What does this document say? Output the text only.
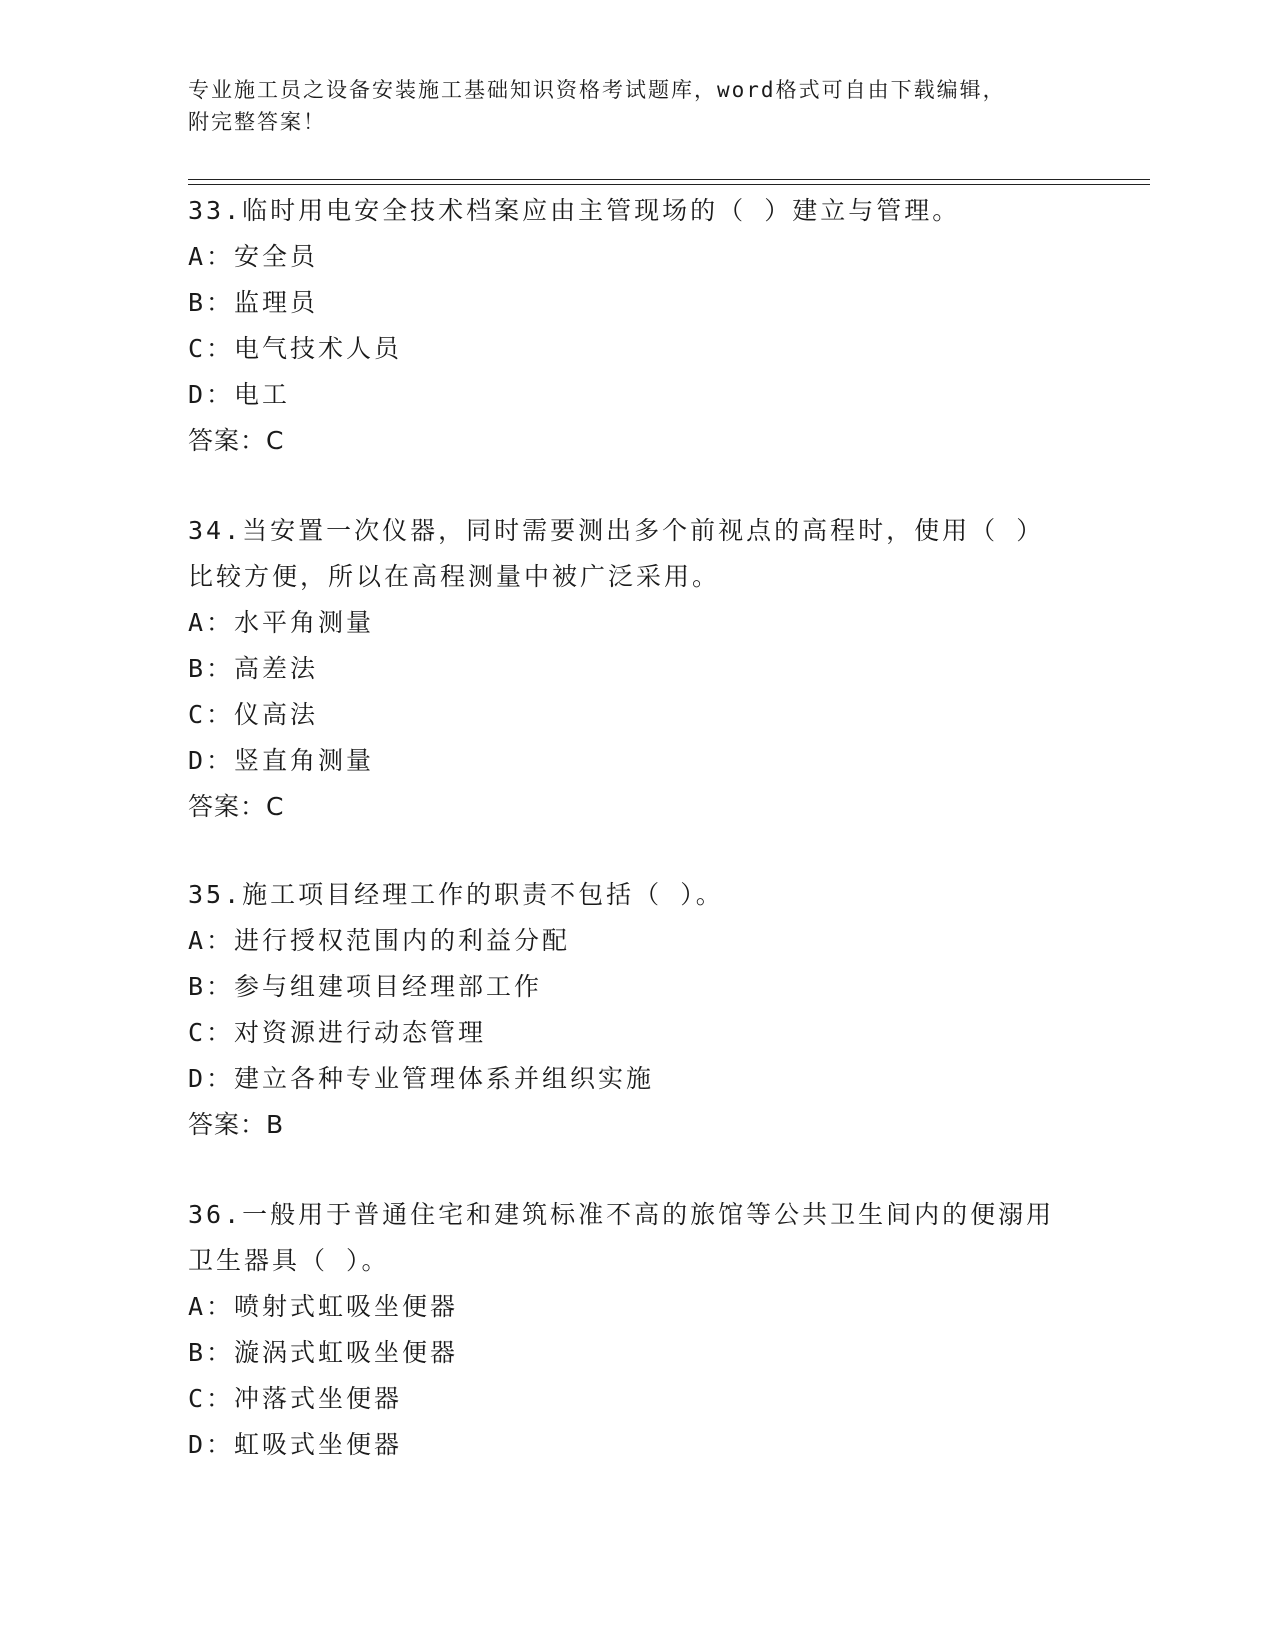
专业施工员之设备安装施工基础知识资格考试题库，word格式可自由下载编辑，
附完整答案！
33.临时用电安全技术档案应由主管现场的（ ）建立与管理。
A：安全员
B：监理员
C：电气技术人员
D：电工
答案：C
34.当安置一次仪器，同时需要测出多个前视点的高程时，使用（ ）
比较方便，所以在高程测量中被广泛采用。
A：水平角测量
B：高差法
C：仪高法
D：竖直角测量
答案：C
35.施工项目经理工作的职责不包括（ ）。
A：进行授权范围内的利益分配
B：参与组建项目经理部工作
C：对资源进行动态管理
D：建立各种专业管理体系并组织实施
答案：B
36.一般用于普通住宅和建筑标准不高的旅馆等公共卫生间内的便溺用
卫生器具（ ）。
A：喷射式虹吸坐便器
B：漩涡式虹吸坐便器
C：冲落式坐便器
D：虹吸式坐便器
